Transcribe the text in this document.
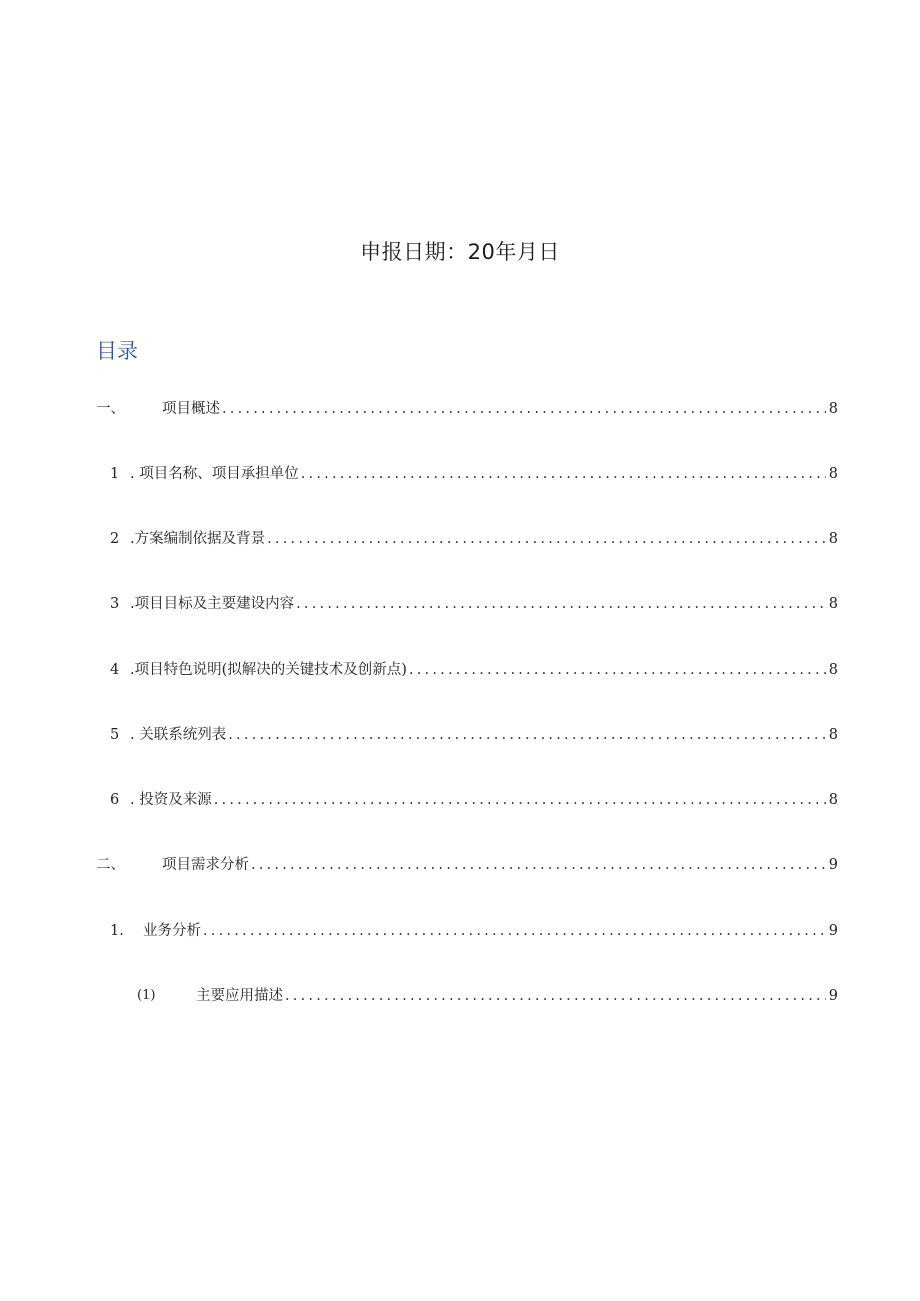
申报日期：20年月日
目录
一、	项目概述 .....	8
1 . 项目名称、项目承担单位 .....	8
2 .方案编制依据及背景 .....	8
3 .项目目标及主要建设内容 .....	8
4 .项目特色说明(拟解决的关键技术及创新点) .....	8
5 . 关联系统列表 .....	8
6 . 投资及来源 .....	8
二、	项目需求分析 .....	9
1. 业务分析 .....	9
(1)	主要应用描述 .....	9
